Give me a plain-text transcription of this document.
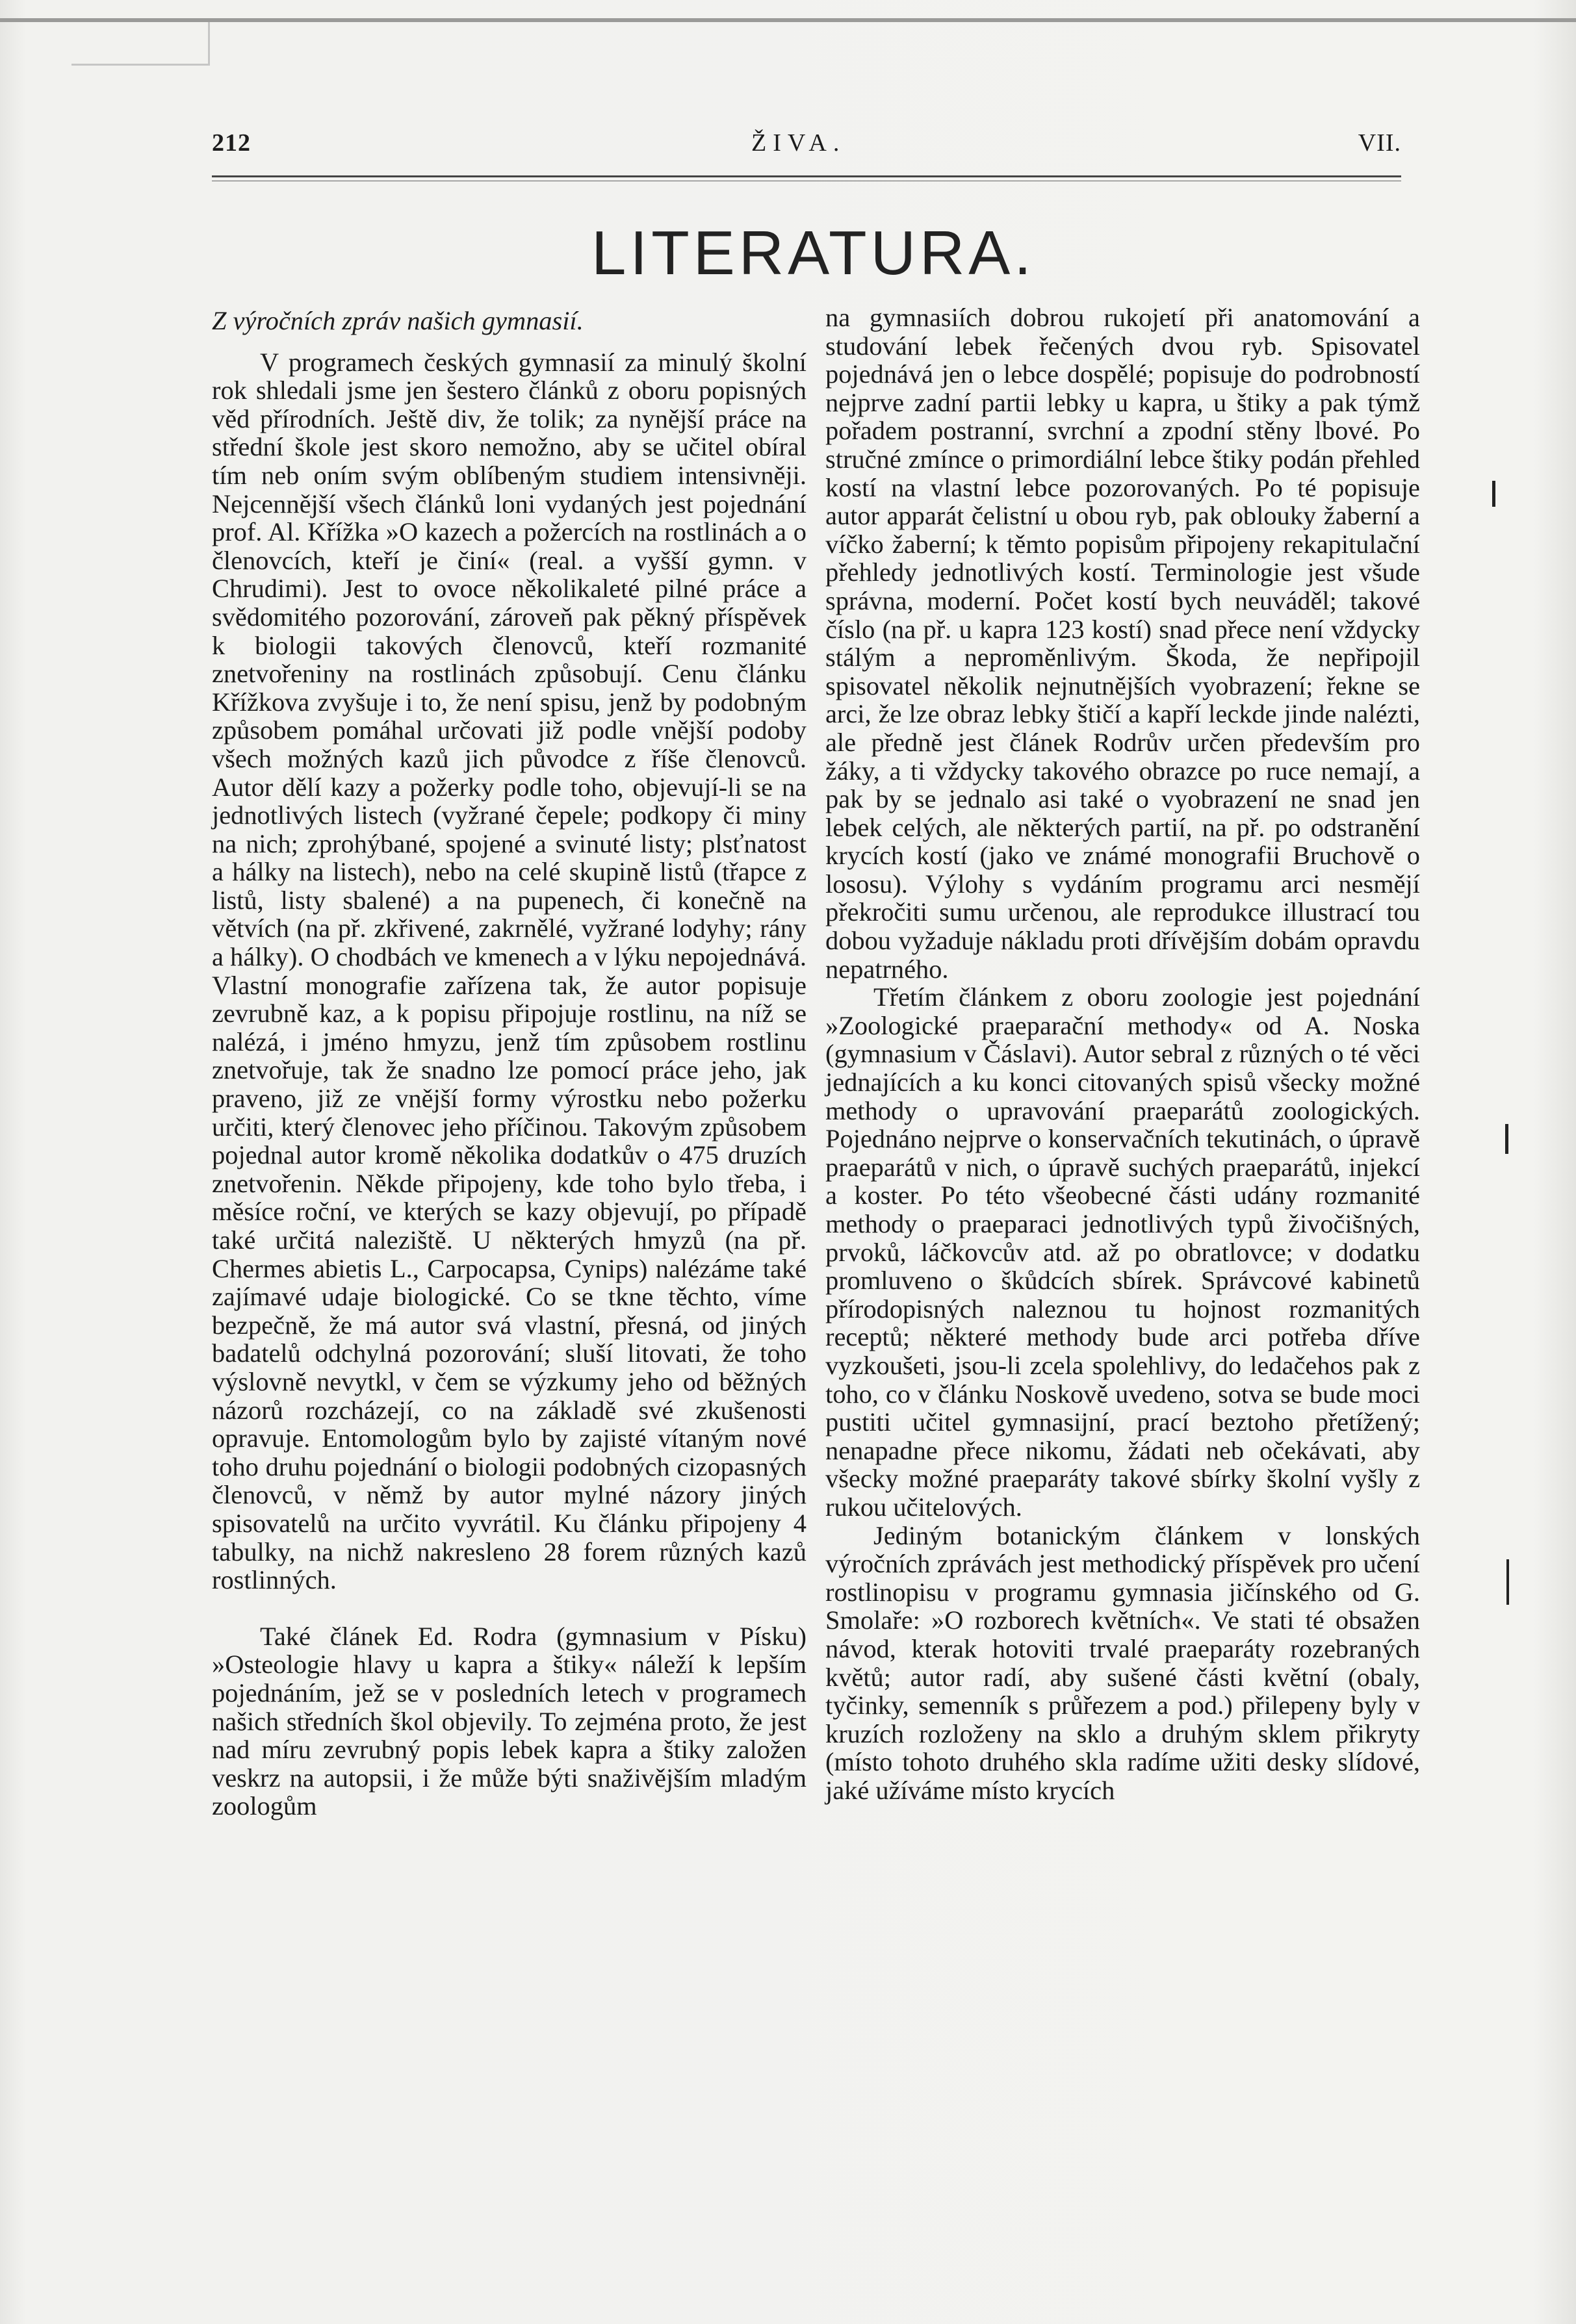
212	ŽIVA.	VII.
LITERATURA.

Z výročních zpráv našich gymnasií.

V programech českých gymnasií za minulý školní rok shledali jsme jen šestero článků z oboru popisných věd přírodních. Ještě div, že tolik; za nynější práce na střední škole jest skoro nemožno, aby se učitel obíral tím neb oním svým oblíbeným studiem intensivněji. Nejcennější všech článků loni vydaných jest pojednání prof. Al. Křížka »O kazech a požercích na rostlinách a o členovcích, kteří je činí« (real. a vyšší gymn. v Chrudimi). Jest to ovoce několikaleté pilné práce a svědomitého pozorování, zároveň pak pěkný příspěvek k biologii takových členovců, kteří rozmanité znetvořeniny na rostlinách způsobují. Cenu článku Křížkova zvyšuje i to, že není spisu, jenž by podobným způsobem pomáhal určovati již podle vnější podoby všech možných kazů jich původce z říše členovců. Autor dělí kazy a požerky podle toho, objevují-li se na jednotlivých listech (vyžrané čepele; podkopy či miny na nich; zprohýbané, spojené a svinuté listy; plsťnatost a hálky na listech), nebo na celé skupině listů (třapce z listů, listy sbalené) a na pupenech, či konečně na větvích (na př. zkřivené, zakrnělé, vyžrané lodyhy; rány a hálky). O chodbách ve kmenech a v lýku nepojednává. Vlastní monografie zařízena tak, že autor popisuje zevrubně kaz, a k popisu připojuje rostlinu, na níž se nalézá, i jméno hmyzu, jenž tím způsobem rostlinu znetvořuje, tak že snadno lze pomocí práce jeho, jak praveno, již ze vnější formy výrostku nebo požerku určiti, který členovec jeho příčinou. Takovým způsobem pojednal autor kromě několika dodatkův o 475 druzích znetvořenin. Někde připojeny, kde toho bylo třeba, i měsíce roční, ve kterých se kazy objevují, po případě také určitá naleziště. U některých hmyzů (na př. Chermes abietis L., Carpocapsa, Cynips) nalézáme také zajímavé udaje biologické. Co se tkne těchto, víme bezpečně, že má autor svá vlastní, přesná, od jiných badatelů odchylná pozorování; sluší litovati, že toho výslovně nevytkl, v čem se výzkumy jeho od běžných názorů rozcházejí, co na základě své zkušenosti opravuje. Entomologům bylo by zajisté vítaným nové toho druhu pojednání o biologii podobných cizopasných členovců, v němž by autor mylné názory jiných spisovatelů na určito vyvrátil. Ku článku připojeny 4 tabulky, na nichž nakresleno 28 forem různých kazů rostlinných.

Také článek Ed. Rodra (gymnasium v Písku) »Osteologie hlavy u kapra a štiky« náleží k lepším pojednáním, jež se v posledních letech v programech našich středních škol objevily. To zejména proto, že jest nad míru zevrubný popis lebek kapra a štiky založen veskrz na autopsii, i že může býti snaživějším mladým zoologům

na gymnasiích dobrou rukojetí při anatomování a studování lebek řečených dvou ryb. Spisovatel pojednává jen o lebce dospělé; popisuje do podrobností nejprve zadní partii lebky u kapra, u štiky a pak týmž pořadem postranní, svrchní a zpodní stěny lbové. Po stručné zmínce o primordiální lebce štiky podán přehled kostí na vlastní lebce pozorovaných. Po té popisuje autor apparát čelistní u obou ryb, pak oblouky žaberní a víčko žaberní; k těmto popisům připojeny rekapitulační přehledy jednotlivých kostí. Terminologie jest všude správna, moderní. Počet kostí bych neuváděl; takové číslo (na př. u kapra 123 kostí) snad přece není vždycky stálým a neproměnlivým. Škoda, že nepřipojil spisovatel několik nejnutnějších vyobrazení; řekne se arci, že lze obraz lebky štičí a kapří leckde jinde nalézti, ale předně jest článek Rodrův určen především pro žáky, a ti vždycky takového obrazce po ruce nemají, a pak by se jednalo asi také o vyobrazení ne snad jen lebek celých, ale některých partií, na př. po odstranění krycích kostí (jako ve známé monografii Bruchově o lososu). Výlohy s vydáním programu arci nesmějí překročiti sumu určenou, ale reprodukce illustrací tou dobou vyžaduje nákladu proti dřívějším dobám opravdu nepatrného.

Třetím článkem z oboru zoologie jest pojednání »Zoologické praeparační methody« od A. Noska (gymnasium v Čáslavi). Autor sebral z různých o té věci jednajících a ku konci citovaných spisů všecky možné methody o upravování praeparátů zoologických. Pojednáno nejprve o konservačních tekutinách, o úpravě praeparátů v nich, o úpravě suchých praeparátů, injekcí a koster. Po této všeobecné části udány rozmanité methody o praeparaci jednotlivých typů živočišných, prvoků, láčkovcův atd. až po obratlovce; v dodatku promluveno o škůdcích sbírek. Správcové kabinetů přírodopisných naleznou tu hojnost rozmanitých receptů; některé methody bude arci potřeba dříve vyzkoušeti, jsou-li zcela spolehlivy, do ledačehos pak z toho, co v článku Noskově uvedeno, sotva se bude moci pustiti učitel gymnasijní, prací beztoho přetížený; nenapadne přece nikomu, žádati neb očekávati, aby všecky možné praeparáty takové sbírky školní vyšly z rukou učitelových.

Jediným botanickým článkem v lonských výročních zprávách jest methodický příspěvek pro učení rostlinopisu v programu gymnasia jičínského od G. Smolaře: »O rozborech květních«. Ve stati té obsažen návod, kterak hotoviti trvalé praeparáty rozebraných květů; autor radí, aby sušené části květní (obaly, tyčinky, semenník s průřezem a pod.) přilepeny byly v kruzích rozloženy na sklo a druhým sklem přikryty (místo tohoto druhého skla radíme užiti desky slídové, jaké užíváme místo krycích
